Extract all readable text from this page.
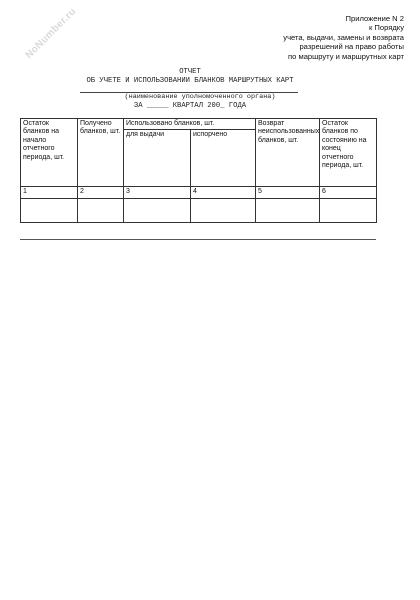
NoNumber.ru	Приложение N 2
к Порядку
учета, выдачи, замены и возврата
разрешений на право работы
по маршруту и маршрутных карт
ОТЧЕТ
ОБ УЧЕТЕ И ИСПОЛЬЗОВАНИИ БЛАНКОВ МАРШРУТНЫХ КАРТ
(наименование уполномоченного органа)
ЗА _____ КВАРТАЛ 200_ ГОДА
Остаток бланков на начало отчетного периода, шт.	Получено бланков, шт.	Использовано бланков, шт.		Возврат неиспользованных бланков, шт.	Остаток бланков по состоянию на конец отчетного периода, шт.
		для выдачи	испорчено		
1	2	3	4	5	6
